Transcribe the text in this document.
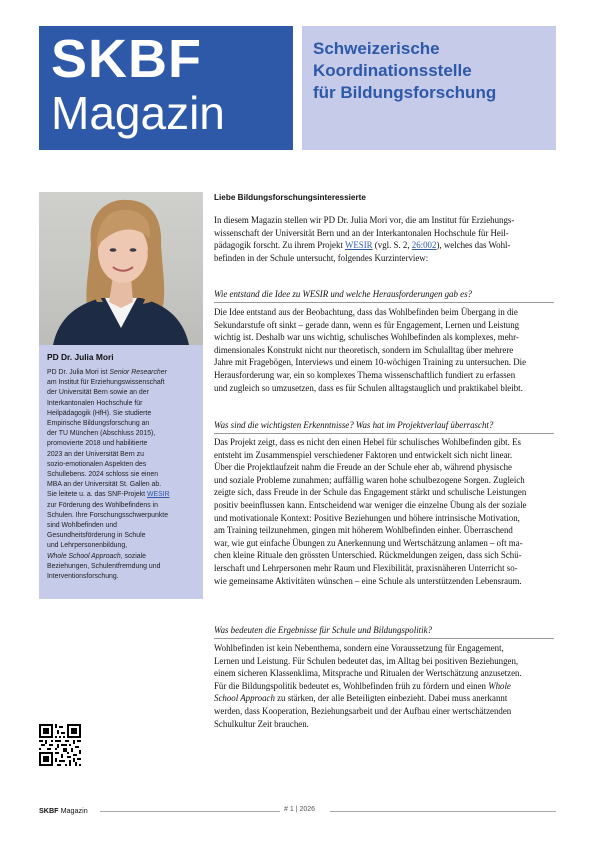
SKBF
Magazin
Schweizerische
Koordinationsstelle
für Bildungsforschung
PD Dr. Julia Mori
PD Dr. Julia Mori ist Senior Researcher
am Institut für Erziehungswissenschaft
der Universität Bern sowie an der
Interkantonalen Hochschule für
Heilpädagogik (HfH). Sie studierte
Empirische Bildungsforschung an
der TU München (Abschluss 2015),
promovierte 2018 und habilitierte
2023 an der Universität Bern zu
sozio-emotionalen Aspekten des
Schullebens. 2024 schloss sie einen
MBA an der Universität St. Gallen ab.
Sie leitete u. a. das SNF-Projekt WESIR
zur Förderung des Wohlbefindens in
Schulen. Ihre Forschungsschwerpunkte
sind Wohlbefinden und
Gesundheitsförderung in Schule
und Lehrpersonenbildung,
Whole School Approach, soziale
Beziehungen, Schulentfremdung und
Interventionsforschung.
Liebe Bildungsforschungsinteressierte
In diesem Magazin stellen wir PD Dr. Julia Mori vor, die am Institut für Erziehungs-
wissenschaft der Universität Bern und an der Interkantonalen Hochschule für Heil-
pädagogik forscht. Zu ihrem Projekt WESIR (vgl. S. 2, 26:002), welches das Wohl-
befinden in der Schule untersucht, folgendes Kurzinterview:
Wie entstand die Idee zu WESIR und welche Herausforderungen gab es?
Die Idee entstand aus der Beobachtung, dass das Wohlbefinden beim Übergang in die
Sekundarstufe oft sinkt – gerade dann, wenn es für Engagement, Lernen und Leistung
wichtig ist. Deshalb war uns wichtig, schulisches Wohlbefinden als komplexes, mehr-
dimensionales Konstrukt nicht nur theoretisch, sondern im Schulalltag über mehrere
Jahre mit Fragebögen, Interviews und einem 10-wöchigen Training zu untersuchen. Die
Herausforderung war, ein so komplexes Thema wissenschaftlich fundiert zu erfassen
und zugleich so umzusetzen, dass es für Schulen alltagstauglich und praktikabel bleibt.
Was sind die wichtigsten Erkenntnisse? Was hat im Projektverlauf überrascht?
Das Projekt zeigt, dass es nicht den einen Hebel für schulisches Wohlbefinden gibt. Es
entsteht im Zusammenspiel verschiedener Faktoren und entwickelt sich nicht linear.
Über die Projektlaufzeit nahm die Freude an der Schule eher ab, während physische
und soziale Probleme zunahmen; auffällig waren hohe schulbezogene Sorgen. Zugleich
zeigte sich, dass Freude in der Schule das Engagement stärkt und schulische Leistungen
positiv beeinflussen kann. Entscheidend war weniger die einzelne Übung als der soziale
und motivationale Kontext: Positive Beziehungen und höhere intrinsische Motivation,
am Training teilzunehmen, gingen mit höherem Wohlbefinden einher. Überraschend
war, wie gut einfache Übungen zu Anerkennung und Wertschätzung anlamen – oft ma-
chen kleine Rituale den grössten Unterschied. Rückmeldungen zeigen, dass sich Schü-
lerschaft und Lehrpersonen mehr Raum und Flexibilität, praxisnäheren Unterricht so-
wie gemeinsame Aktivitäten wünschen – eine Schule als unterstützenden Lebensraum.
Was bedeuten die Ergebnisse für Schule und Bildungspolitik?
Wohlbefinden ist kein Nebenthema, sondern eine Voraussetzung für Engagement,
Lernen und Leistung. Für Schulen bedeutet das, im Alltag bei positiven Beziehungen,
einem sicheren Klassenklima, Mitsprache und Ritualen der Wertschätzung anzusetzen.
Für die Bildungspolitik bedeutet es, Wohlbefinden früh zu fördern und einen Whole
School Approach zu stärken, der alle Beteiligten einbezieht. Dabei muss anerkannt
werden, dass Kooperation, Beziehungsarbeit und der Aufbau einer wertschätzenden
Schulkultur Zeit brauchen.
SKBF Magazin	# 1 | 2026
